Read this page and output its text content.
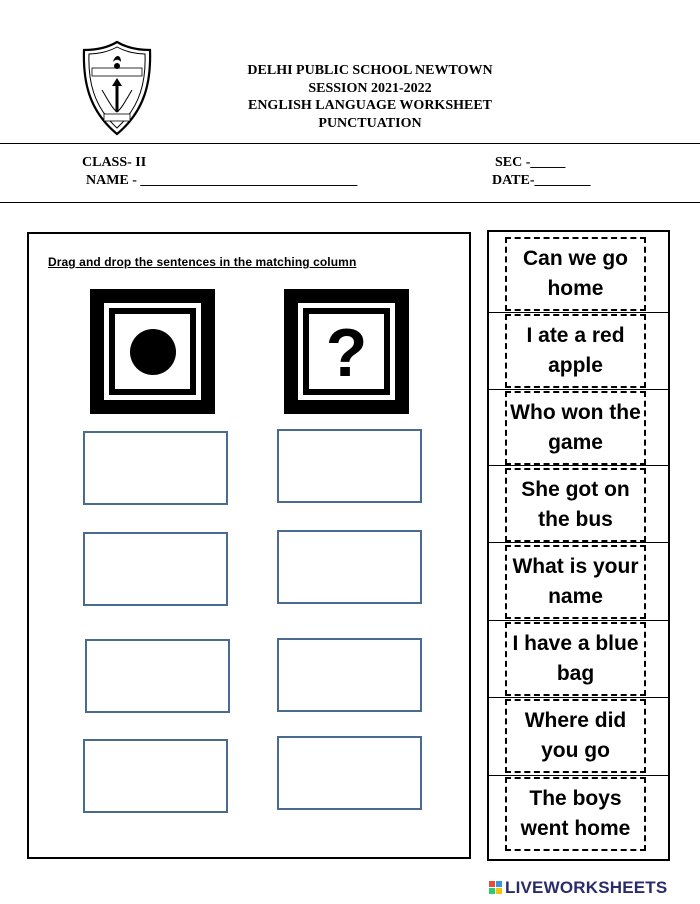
DELHI PUBLIC SCHOOL NEWTOWN
SESSION 2021-2022
ENGLISH LANGUAGE WORKSHEET
PUNCTUATION
CLASS- II
NAME - _______________________________
SEC -_____
DATE-________
Drag and drop the sentences in the matching column
?
Can we go home
I ate a red apple
Who won the game
She got on the bus
What is your name
I have a blue bag
Where did you go
The boys went home
LIVEWORKSHEETS
